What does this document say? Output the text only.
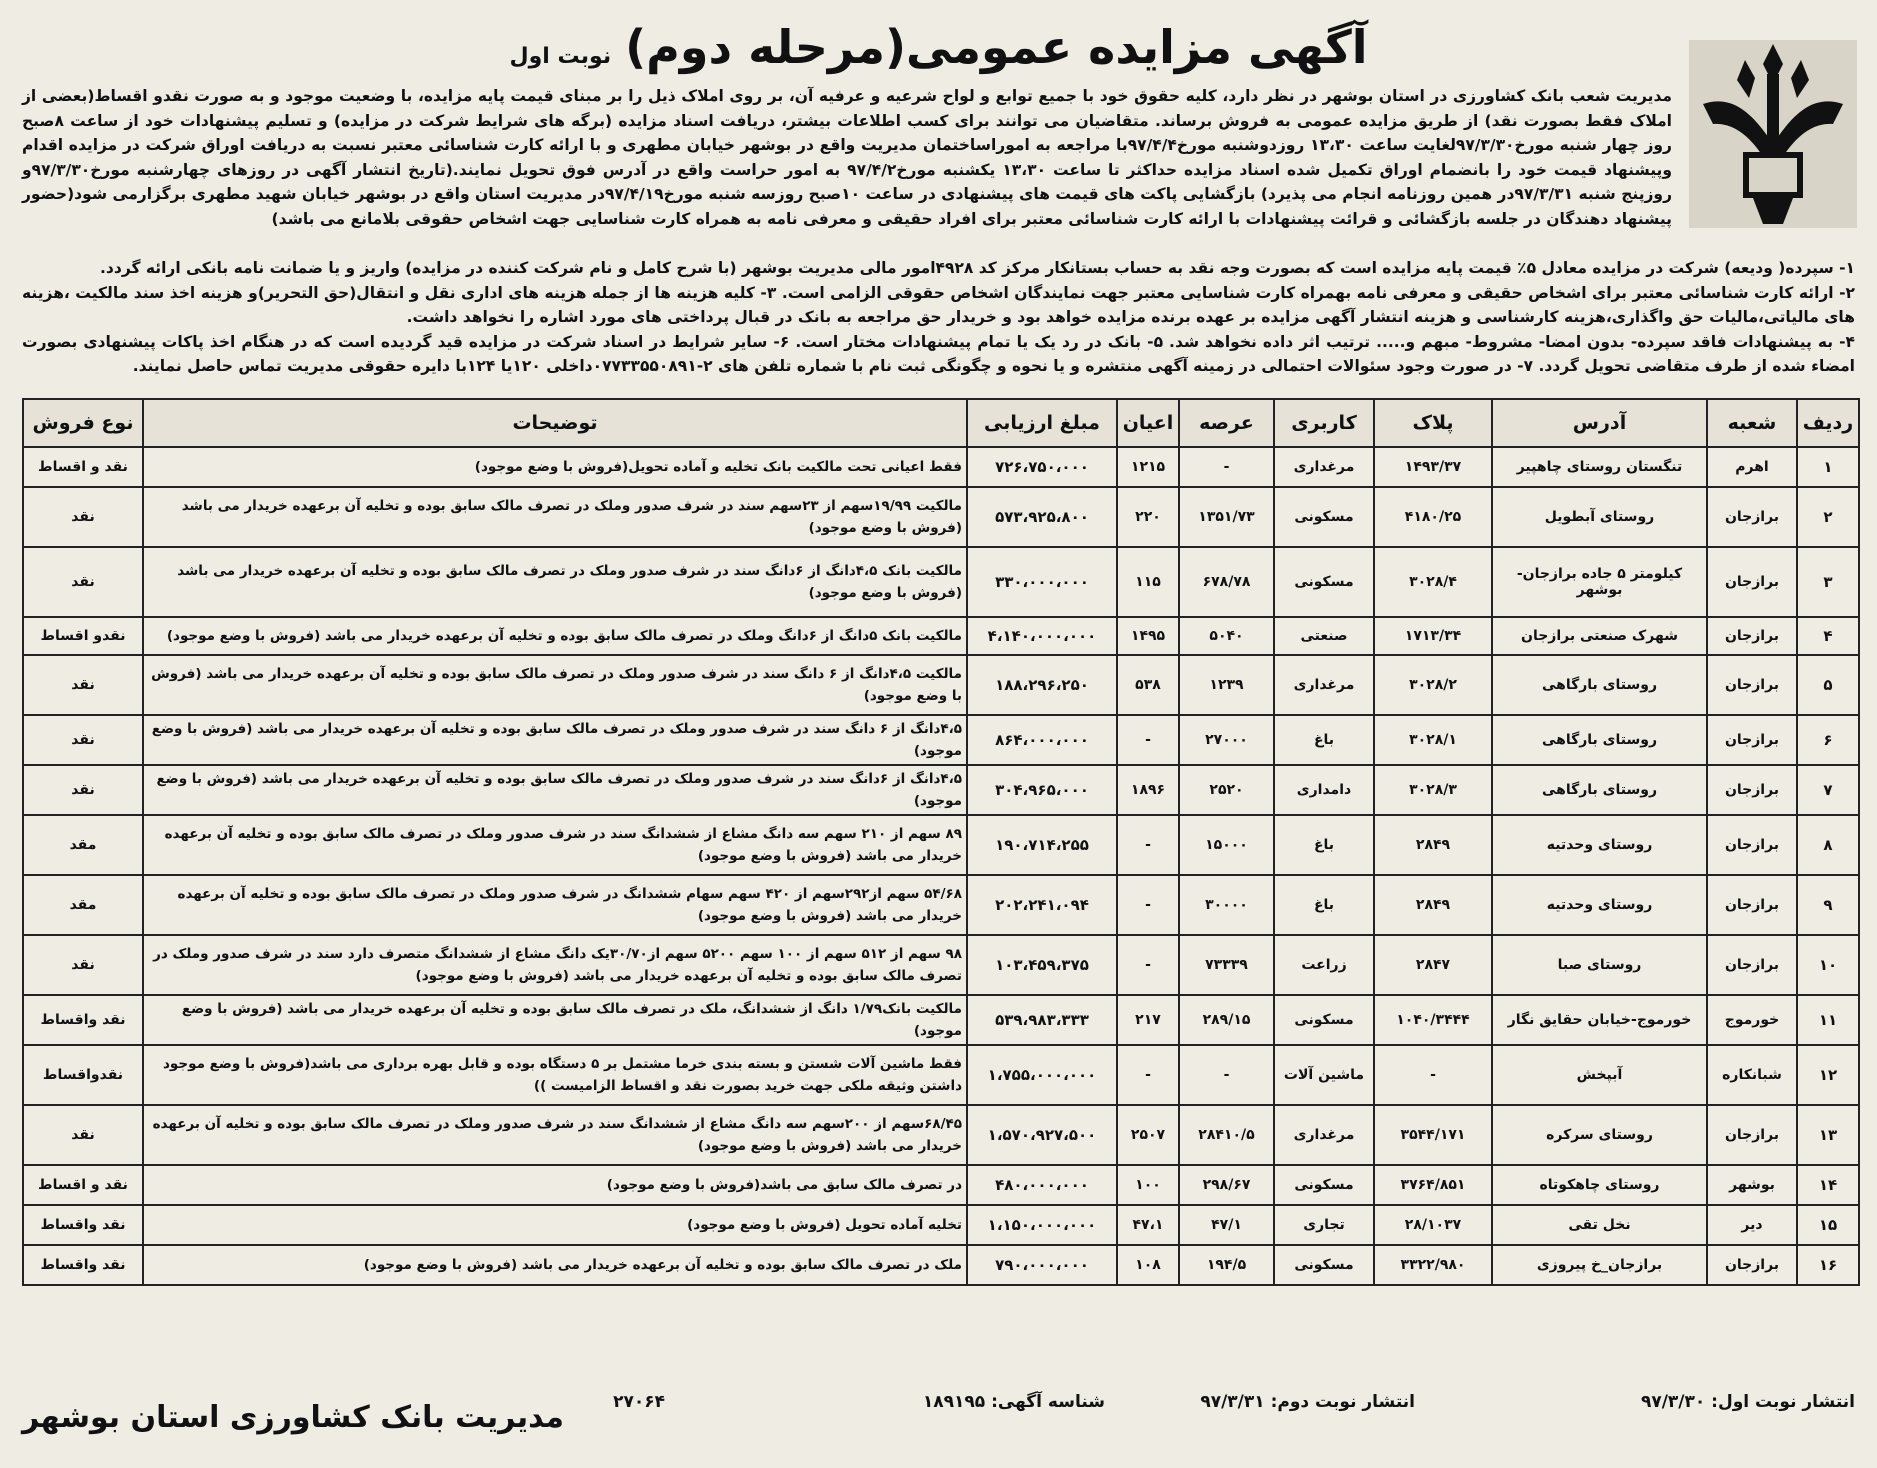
آگهی مزایده عمومی(مرحله دوم)
نوبت اول
مدیریت شعب بانک کشاورزی در استان بوشهر در نظر دارد، کلیه حقوق خود با جمیع توابع و لواح شرعیه و عرفیه آن، بر روی املاک ذیل را بر مبنای قیمت پایه مزایده، با وضعیت موجود و به صورت نقدو اقساط(بعضی از املاک فقط بصورت نقد) از طریق مزایده عمومی به فروش برساند. متقاضیان می توانند برای کسب اطلاعات بیشتر، دریافت اسناد مزایده (برگه های شرایط شرکت در مزایده) و تسلیم پیشنهادات خود از ساعت ۸صبح روز چهار شنبه مورخ۹۷/۳/۳۰لغایت ساعت ۱۳،۳۰ روزدوشنبه مورخ۹۷/۴/۴با مراجعه به اموراساختمان مدیریت واقع در بوشهر خیابان مطهری و با ارائه کارت شناسائی معتبر نسبت به دریافت اوراق شرکت در مزایده اقدام وپیشنهاد قیمت خود را بانضمام اوراق تکمیل شده اسناد مزایده حداکثر تا ساعت ۱۳،۳۰ یکشنبه مورخ۹۷/۴/۲ به امور حراست واقع در آدرس فوق تحویل نمایند.(تاریخ انتشار آگهی در روزهای چهارشنبه مورخ۹۷/۳/۳۰و روزپنج شنبه ۹۷/۳/۳۱در همین روزنامه انجام می پذیرد) بازگشایی پاکت های قیمت های پیشنهادی در ساعت ۱۰صبح روزسه شنبه مورخ۹۷/۴/۱۹در مدیریت استان واقع در بوشهر خیابان شهید مطهری برگزارمی شود(حضور پیشنهاد دهندگان در جلسه بازگشائی و قرائت پیشنهادات با ارائه کارت شناسائی معتبر برای افراد حقیقی و معرفی نامه به همراه کارت شناسایی جهت اشخاص حقوقی بلامانع می باشد)

۱- سپرده( ودیعه) شرکت در مزایده معادل ۵٪ قیمت پایه مزایده است که بصورت وجه نقد به حساب بستانکار مرکز کد ۴۹۲۸امور مالی مدیریت بوشهر (با شرح کامل و نام شرکت کننده در مزایده) واریز و یا ضمانت نامه بانکی ارائه گردد.

۲- ارائه کارت شناسائی معتبر برای اشخاص حقیقی و معرفی نامه بهمراه کارت شناسایی معتبر جهت نمایندگان اشخاص حقوقی الزامی است. ۳- کلیه هزینه ها از جمله هزینه های اداری نقل و انتقال(حق التحریر)و هزینه اخذ سند مالکیت ،هزینه های مالیاتی،مالیات حق واگذاری،هزینه کارشناسی و هزینه انتشار آگهی مزایده بر عهده برنده مزایده خواهد بود و خریدار حق مراجعه به بانک در قبال پرداختی های مورد اشاره را نخواهد داشت.

۴- به پیشنهادات فاقد سپرده- بدون امضا- مشروط- مبهم و..... ترتیب اثر داده نخواهد شد. ۵- بانک در رد یک یا تمام پیشنهادات مختار است. ۶- سایر شرایط در اسناد شرکت در مزایده قید گردیده است که در هنگام اخذ پاکات پیشنهادی بصورت امضاء شده از طرف متقاضی تحویل گردد. ۷- در صورت وجود سئوالات احتمالی در زمینه آگهی منتشره و یا نحوه و چگونگی ثبت نام با شماره تلفن های ۲-۰۷۷۳۳۵۵۰۸۹۱داخلی ۱۲۰یا ۱۲۴با دایره حقوقی مدیریت تماس حاصل نمایند.

ردیف	شعبه	آدرس	پلاک	کاربری	عرصه	اعیان	مبلغ ارزیابی	توضیحات	نوع فروش
۱	اهرم	تنگستان روستای چاهپیر	۱۴۹۳/۳۷	مرغداری	-	۱۲۱۵	۷۲۶،۷۵۰،۰۰۰	فقط اعیانی تحت مالکیت بانک تخلیه و آماده تحویل(فروش با وضع موجود)	نقد و اقساط
۲	برازجان	روستای آبطویل	۴۱۸۰/۲۵	مسکونی	۱۳۵۱/۷۳	۲۲۰	۵۷۳،۹۲۵،۸۰۰	مالکیت ۱۹/۹۹سهم از ۲۳سهم سند در شرف صدور وملک در تصرف مالک سابق بوده و تخلیه آن برعهده خریدار می باشد (فروش با وضع موجود)	نقد
۳	برازجان	کیلومتر ۵ جاده برازجان- بوشهر	۳۰۲۸/۴	مسکونی	۶۷۸/۷۸	۱۱۵	۳۳۰،۰۰۰،۰۰۰	مالکیت بانک ۴،۵دانگ از ۶دانگ سند در شرف صدور وملک در تصرف مالک سابق بوده و تخلیه آن برعهده خریدار می باشد (فروش با وضع موجود)	نقد
۴	برازجان	شهرک صنعتی برازجان	۱۷۱۳/۳۴	صنعتی	۵۰۴۰	۱۴۹۵	۴،۱۴۰،۰۰۰،۰۰۰	مالکیت بانک ۵دانگ از ۶دانگ وملک در تصرف مالک سابق بوده و تخلیه آن برعهده خریدار می باشد (فروش با وضع موجود)	نقدو اقساط
۵	برازجان	روستای بارگاهی	۳۰۲۸/۲	مرغداری	۱۲۳۹	۵۳۸	۱۸۸،۲۹۶،۲۵۰	مالکیت ۴،۵دانگ از ۶ دانگ سند در شرف صدور وملک در تصرف مالک سابق بوده و تخلیه آن برعهده خریدار می باشد (فروش با وضع موجود)	نقد
۶	برازجان	روستای بارگاهی	۳۰۲۸/۱	باغ	۲۷۰۰۰	-	۸۶۴،۰۰۰،۰۰۰	۴،۵دانگ از ۶ دانگ سند در شرف صدور وملک در تصرف مالک سابق بوده و تخلیه آن برعهده خریدار می باشد (فروش با وضع موجود)	نقد
۷	برازجان	روستای بارگاهی	۳۰۲۸/۳	دامداری	۲۵۲۰	۱۸۹۶	۳۰۴،۹۶۵،۰۰۰	۴،۵دانگ از ۶دانگ سند در شرف صدور وملک در تصرف مالک سابق بوده و تخلیه آن برعهده خریدار می باشد (فروش با وضع موجود)	نقد
۸	برازجان	روستای وحدتیه	۲۸۴۹	باغ	۱۵۰۰۰	-	۱۹۰،۷۱۴،۲۵۵	۸۹ سهم از ۲۱۰ سهم سه دانگ مشاع از ششدانگ سند در شرف صدور وملک در تصرف مالک سابق بوده و تخلیه آن برعهده خریدار می باشد (فروش با وضع موجود)	مقد
۹	برازجان	روستای وحدتیه	۲۸۴۹	باغ	۳۰۰۰۰	-	۲۰۲،۲۴۱،۰۹۴	۵۴/۶۸ سهم از۲۹۲سهم از ۴۲۰ سهم سهام ششدانگ در شرف صدور وملک در تصرف مالک سابق بوده و تخلیه آن برعهده خریدار می باشد (فروش با وضع موجود)	مقد
۱۰	برازجان	روستای صبا	۲۸۴۷	زراعت	۷۳۳۳۹	-	۱۰۳،۴۵۹،۳۷۵	۹۸ سهم از ۵۱۲ سهم از ۱۰۰ سهم ۵۲۰۰ سهم از۳۰/۷۰یک دانگ مشاع از ششدانگ متصرف دارد سند در شرف صدور وملک در تصرف مالک سابق بوده و تخلیه آن برعهده خریدار می باشد (فروش با وضع موجود)	نقد
۱۱	خورموج	خورموج-خیابان حقایق نگار	۱۰۴۰/۳۴۴۴	مسکونی	۲۸۹/۱۵	۲۱۷	۵۳۹،۹۸۳،۳۳۳	مالکیت بانک۱/۷۹ دانگ از ششدانگ، ملک در تصرف مالک سابق بوده و تخلیه آن برعهده خریدار می باشد (فروش با وضع موجود)	نقد واقساط
۱۲	شبانکاره	آبپخش	-	ماشین آلات	-	-	۱،۷۵۵،۰۰۰،۰۰۰	فقط ماشین آلات شستن و بسته بندی خرما مشتمل بر ۵ دستگاه بوده و قابل بهره برداری می باشد(فروش با وضع موجود داشتن وثیقه ملکی جهت خرید بصورت نقد و اقساط الزامیست ))	نقدواقساط
۱۳	برازجان	روستای سرکره	۳۵۴۴/۱۷۱	مرغداری	۲۸۴۱۰/۵	۲۵۰۷	۱،۵۷۰،۹۲۷،۵۰۰	۶۸/۴۵سهم از ۲۰۰سهم سه دانگ مشاع از ششدانگ سند در شرف صدور وملک در تصرف مالک سابق بوده و تخلیه آن برعهده خریدار می باشد (فروش با وضع موجود)	نقد
۱۴	بوشهر	روستای چاهکوتاه	۳۷۶۴/۸۵۱	مسکونی	۲۹۸/۶۷	۱۰۰	۴۸۰،۰۰۰،۰۰۰	در تصرف مالک سابق می باشد(فروش با وضع موجود)	نقد و اقساط
۱۵	دیر	نخل تقی	۲۸/۱۰۳۷	تجاری	۴۷/۱	۴۷،۱	۱،۱۵۰،۰۰۰،۰۰۰	تخلیه آماده تحویل (فروش با وضع موجود)	نقد واقساط
۱۶	برازجان	برازجان_خ پیروزی	۳۳۲۲/۹۸۰	مسکونی	۱۹۴/۵	۱۰۸	۷۹۰،۰۰۰،۰۰۰	ملک در تصرف مالک سابق بوده و تخلیه آن برعهده خریدار می باشد (فروش با وضع موجود)	نقد واقساط
انتشار نوبت اول: ۹۷/۳/۳۰
انتشار نوبت دوم: ۹۷/۳/۳۱
شناسه آگهی: ۱۸۹۱۹۵
۲۷۰۶۴
مدیریت بانک کشاورزی استان بوشهر
